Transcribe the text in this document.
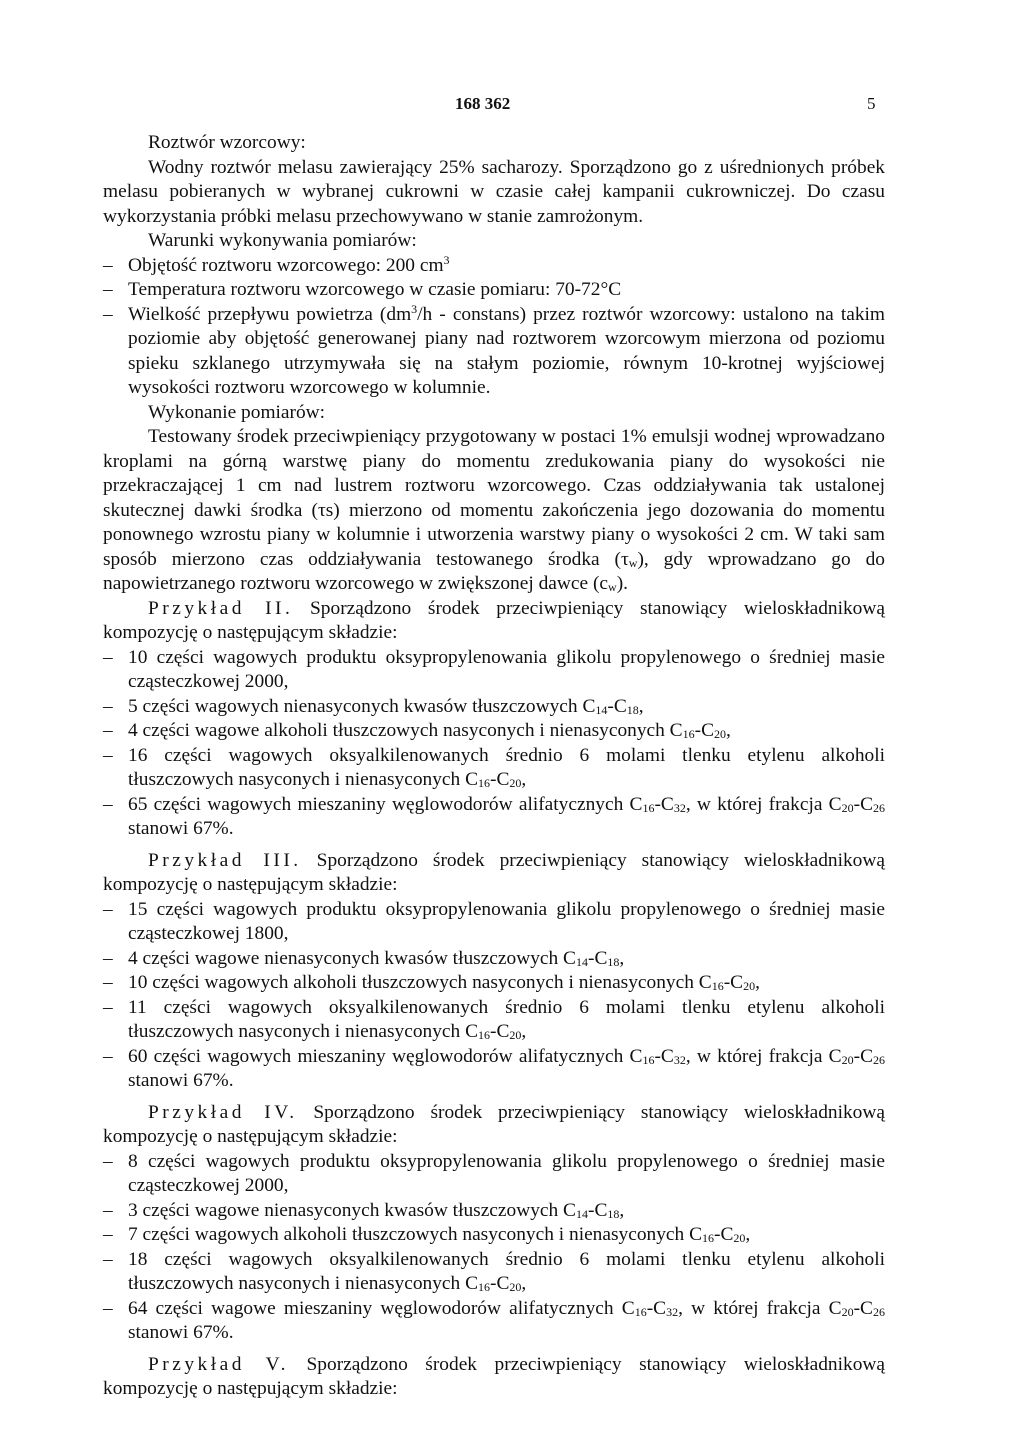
168 362	5

Roztwór wzorcowy:

Wodny roztwór melasu zawierający 25% sacharozy. Sporządzono go z uśrednionych próbek melasu pobieranych w wybranej cukrowni w czasie całej kampanii cukrowniczej. Do czasu wykorzystania próbki melasu przechowywano w stanie zamrożonym.

Warunki wykonywania pomiarów:

– Objętość roztworu wzorcowego: 200 $cm^3$

– Temperatura roztworu wzorcowego w czasie pomiaru: 70-72°C

– Wielkość przepływu powietrza ($dm^3/h$ - constans) przez roztwór wzorcowy: ustalono na takim poziomie aby objętość generowanej piany nad roztworem wzorcowym mierzona od poziomu spieku szklanego utrzymywała się na stałym poziomie, równym 10-krotnej wyjściowej wysokości roztworu wzorcowego w kolumnie.

Wykonanie pomiarów:

Testowany środek przeciwpieniący przygotowany w postaci 1% emulsji wodnej wprowadzano kroplami na górną warstwę piany do momentu zredukowania piany do wysokości nie przekraczającej 1 cm nad lustrem roztworu wzorcowego. Czas oddziaływania tak ustalonej skutecznej dawki środka (τs) mierzono od momentu zakończenia jego dozowania do momentu ponownego wzrostu piany w kolumnie i utworzenia warstwy piany o wysokości 2 cm. W taki sam sposób mierzono czas oddziaływania testowanego środka (τw), gdy wprowadzano go do napowietrzanego roztworu wzorcowego w zwiększonej dawce (cw).

Przykład II. Sporządzono środek przeciwpieniący stanowiący wieloskładnikową kompozycję o następującym składzie:

– 10 części wagowych produktu oksypropylenowania glikolu propylenowego o średniej masie cząsteczkowej 2000,

– 5 części wagowych nienasyconych kwasów tłuszczowych C14-C18,

– 4 części wagowe alkoholi tłuszczowych nasyconych i nienasyconych C16-C20,

– 16 części wagowych oksyalkilenowanych średnio 6 molami tlenku etylenu alkoholi tłuszczowych nasyconych i nienasyconych C16-C20,

– 65 części wagowych mieszaniny węglowodorów alifatycznych C16-C32, w której frakcja C20-C26 stanowi 67%.

Przykład III. Sporządzono środek przeciwpieniący stanowiący wieloskładnikową kompozycję o następującym składzie:

– 15 części wagowych produktu oksypropylenowania glikolu propylenowego o średniej masie cząsteczkowej 1800,

– 4 części wagowe nienasyconych kwasów tłuszczowych C14-C18,

– 10 części wagowych alkoholi tłuszczowych nasyconych i nienasyconych C16-C20,

– 11 części wagowych oksyalkilenowanych średnio 6 molami tlenku etylenu alkoholi tłuszczowych nasyconych i nienasyconych C16-C20,

– 60 części wagowych mieszaniny węglowodorów alifatycznych C16-C32, w której frakcja C20-C26 stanowi 67%.

Przykład IV. Sporządzono środek przeciwpieniący stanowiący wieloskładnikową kompozycję o następującym składzie:

– 8 części wagowych produktu oksypropylenowania glikolu propylenowego o średniej masie cząsteczkowej 2000,

– 3 części wagowe nienasyconych kwasów tłuszczowych C14-C18,

– 7 części wagowych alkoholi tłuszczowych nasyconych i nienasyconych C16-C20,

– 18 części wagowych oksyalkilenowanych średnio 6 molami tlenku etylenu alkoholi tłuszczowych nasyconych i nienasyconych C16-C20,

– 64 części wagowe mieszaniny węglowodorów alifatycznych C16-C32, w której frakcja C20-C26 stanowi 67%.

Przykład V. Sporządzono środek przeciwpieniący stanowiący wieloskładnikową kompozycję o następującym składzie:
